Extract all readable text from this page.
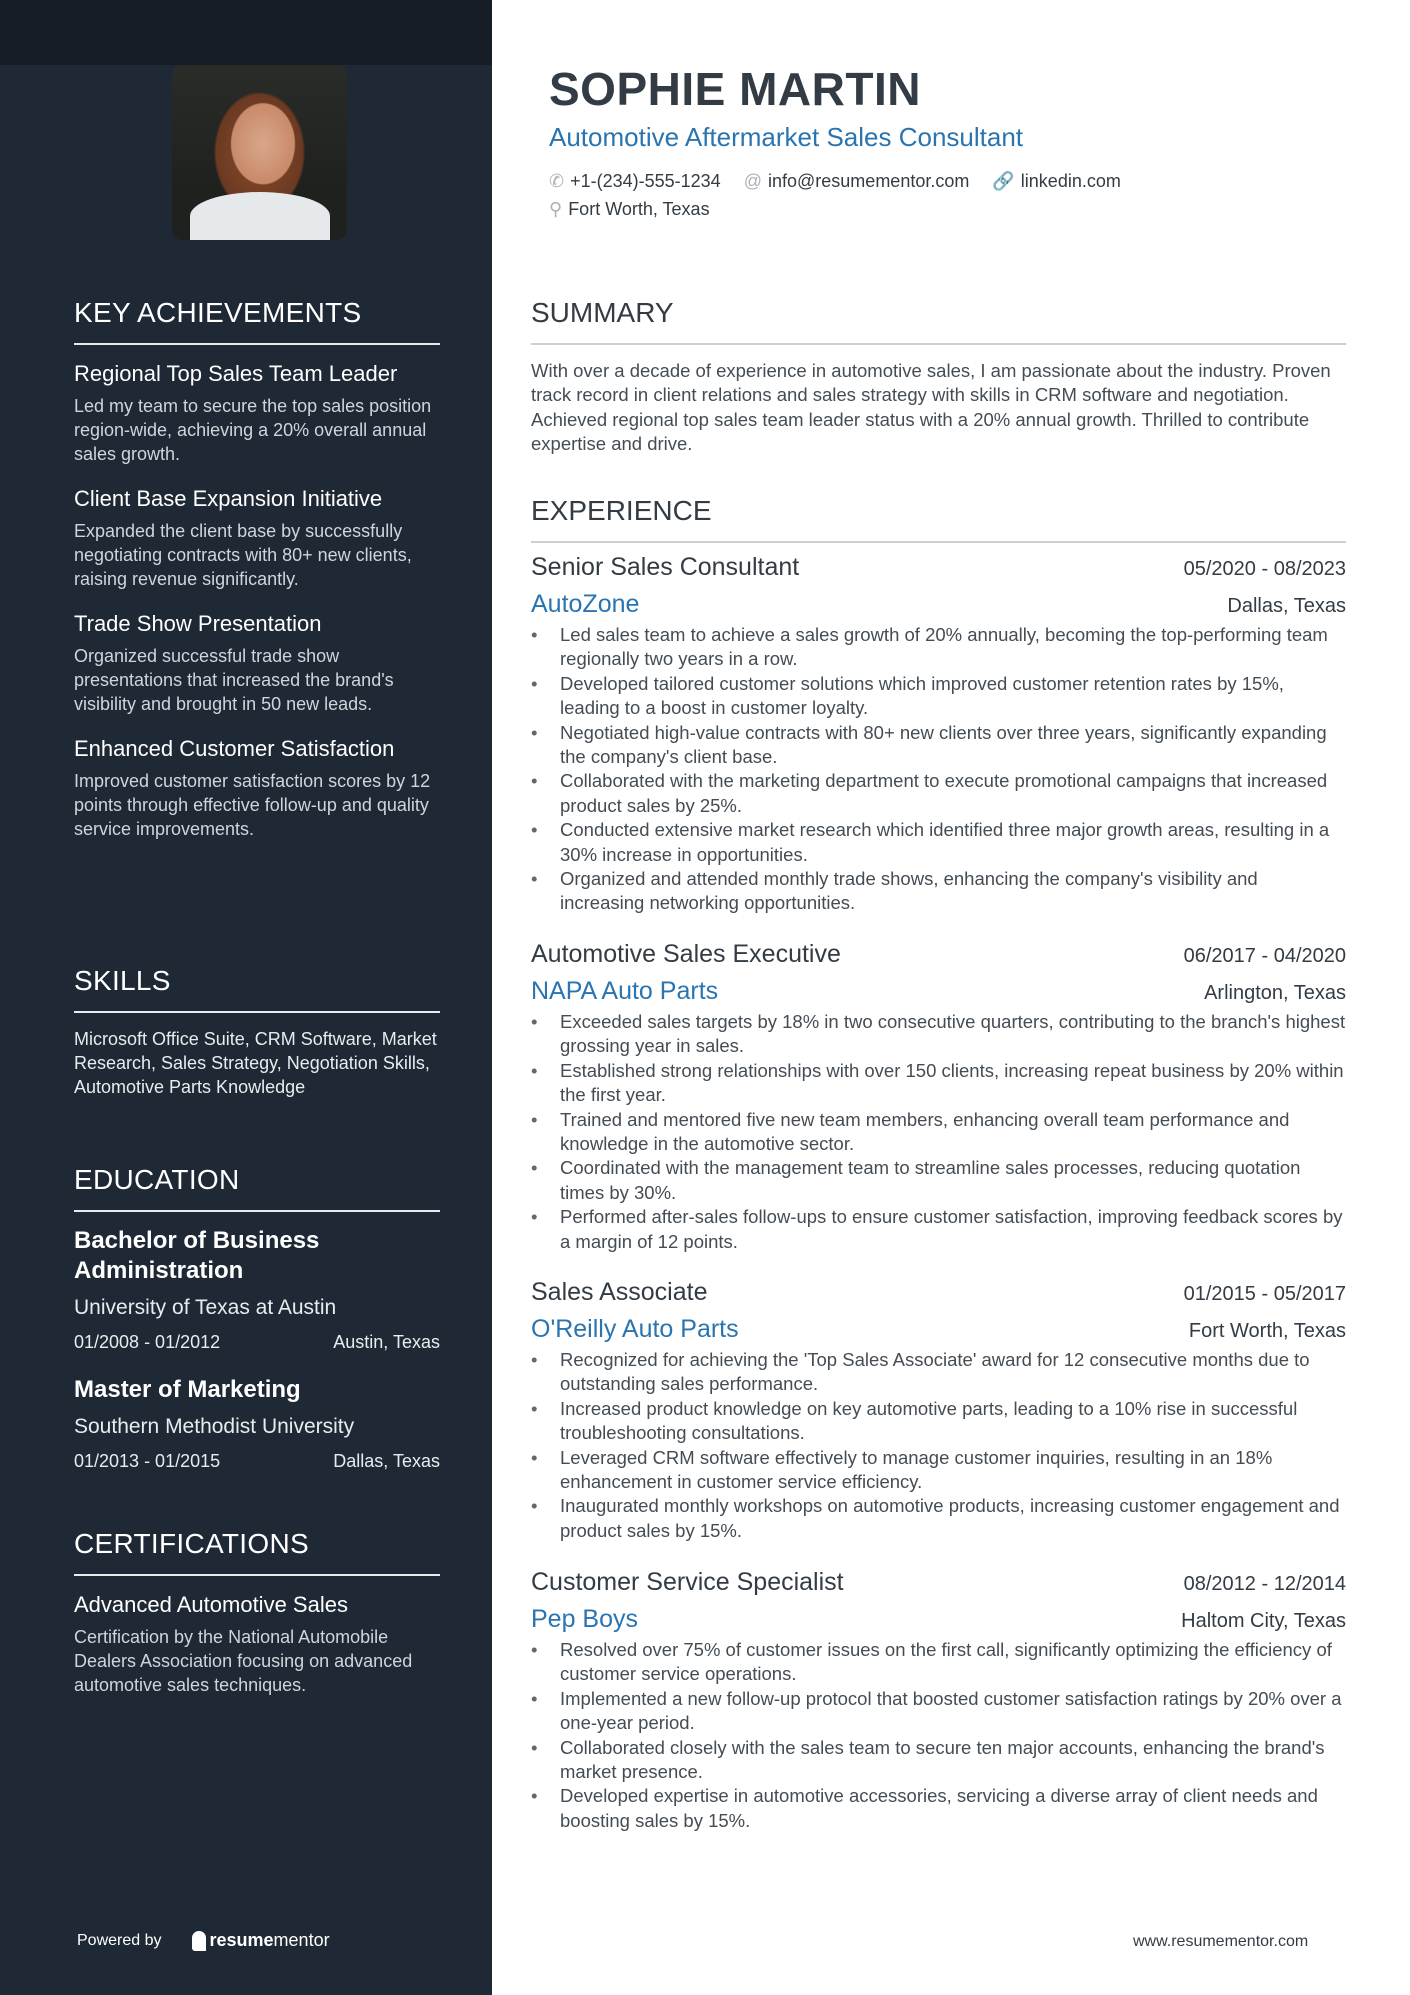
KEY ACHIEVEMENTS
Regional Top Sales Team Leader
Led my team to secure the top sales position region-wide, achieving a 20% overall annual sales growth.
Client Base Expansion Initiative
Expanded the client base by successfully negotiating contracts with 80+ new clients, raising revenue significantly.
Trade Show Presentation
Organized successful trade show presentations that increased the brand's visibility and brought in 50 new leads.
Enhanced Customer Satisfaction
Improved customer satisfaction scores by 12 points through effective follow-up and quality service improvements.
SKILLS
Microsoft Office Suite, CRM Software, Market Research, Sales Strategy, Negotiation Skills, Automotive Parts Knowledge
EDUCATION
Bachelor of Business Administration
University of Texas at Austin
01/2008 - 01/2012	Austin, Texas
Master of Marketing
Southern Methodist University
01/2013 - 01/2015	Dallas, Texas
CERTIFICATIONS
Advanced Automotive Sales
Certification by the National Automobile Dealers Association focusing on advanced automotive sales techniques.
Powered by	resume mentor
SOPHIE MARTIN
Automotive Aftermarket Sales Consultant
✆ +1-(234)-555-1234 @ info@resumementor.com 🔗 linkedin.com
⚲ Fort Worth, Texas
SUMMARY
With over a decade of experience in automotive sales, I am passionate about the industry. Proven track record in client relations and sales strategy with skills in CRM software and negotiation. Achieved regional top sales team leader status with a 20% annual growth. Thrilled to contribute expertise and drive.
EXPERIENCE
Senior Sales Consultant	05/2020 - 08/2023
AutoZone	Dallas, Texas
• Led sales team to achieve a sales growth of 20% annually, becoming the top-performing team regionally two years in a row.
• Developed tailored customer solutions which improved customer retention rates by 15%, leading to a boost in customer loyalty.
• Negotiated high-value contracts with 80+ new clients over three years, significantly expanding the company's client base.
• Collaborated with the marketing department to execute promotional campaigns that increased product sales by 25%.
• Conducted extensive market research which identified three major growth areas, resulting in a 30% increase in opportunities.
• Organized and attended monthly trade shows, enhancing the company's visibility and increasing networking opportunities.
Automotive Sales Executive	06/2017 - 04/2020
NAPA Auto Parts	Arlington, Texas
• Exceeded sales targets by 18% in two consecutive quarters, contributing to the branch's highest grossing year in sales.
• Established strong relationships with over 150 clients, increasing repeat business by 20% within the first year.
• Trained and mentored five new team members, enhancing overall team performance and knowledge in the automotive sector.
• Coordinated with the management team to streamline sales processes, reducing quotation times by 30%.
• Performed after-sales follow-ups to ensure customer satisfaction, improving feedback scores by a margin of 12 points.
Sales Associate	01/2015 - 05/2017
O'Reilly Auto Parts	Fort Worth, Texas
• Recognized for achieving the 'Top Sales Associate' award for 12 consecutive months due to outstanding sales performance.
• Increased product knowledge on key automotive parts, leading to a 10% rise in successful troubleshooting consultations.
• Leveraged CRM software effectively to manage customer inquiries, resulting in an 18% enhancement in customer service efficiency.
• Inaugurated monthly workshops on automotive products, increasing customer engagement and product sales by 15%.
Customer Service Specialist	08/2012 - 12/2014
Pep Boys	Haltom City, Texas
• Resolved over 75% of customer issues on the first call, significantly optimizing the efficiency of customer service operations.
• Implemented a new follow-up protocol that boosted customer satisfaction ratings by 20% over a one-year period.
• Collaborated closely with the sales team to secure ten major accounts, enhancing the brand's market presence.
• Developed expertise in automotive accessories, servicing a diverse array of client needs and boosting sales by 15%.
www.resumementor.com
